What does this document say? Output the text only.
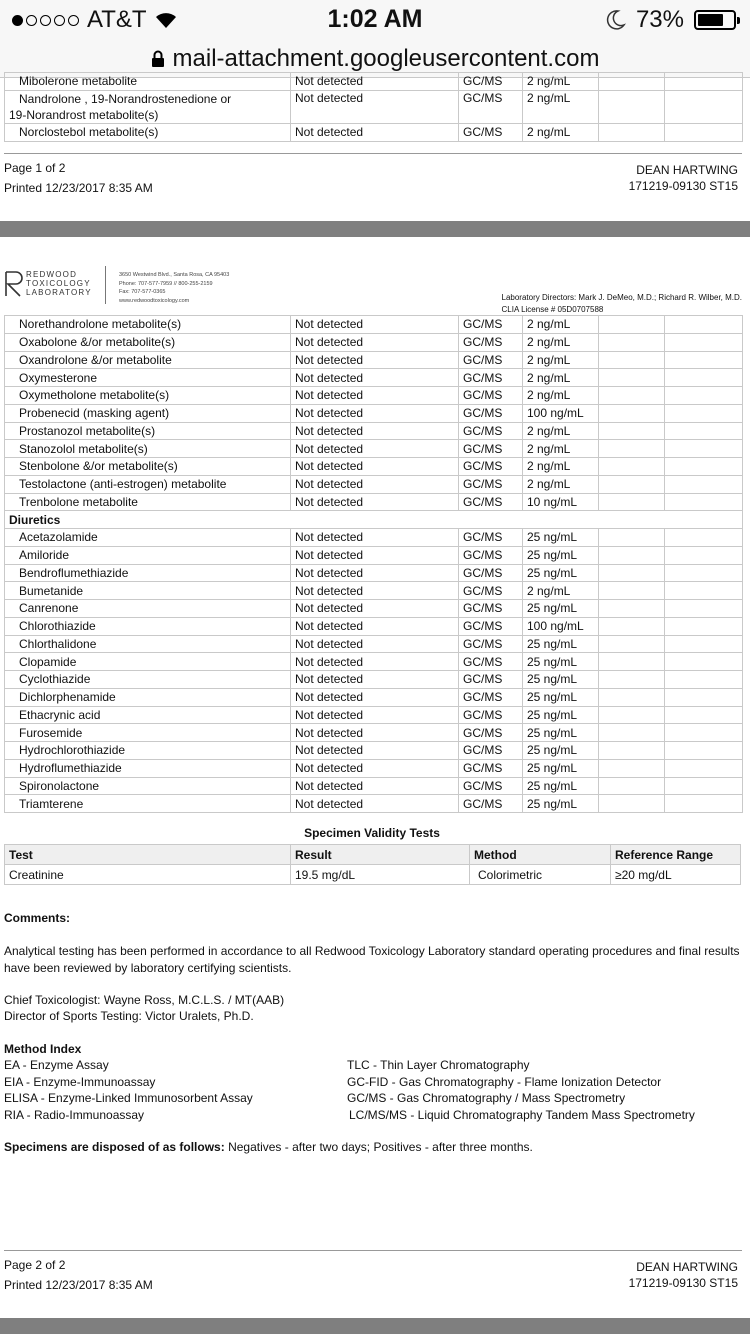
AT&T	1:02 AM	73%
mail-attachment.googleusercontent.com
Mibolerone metabolite	Not detected	GC/MS	2 ng/mL		
Nandrolone , 19-Norandrostenedione or
19-Norandrost metabolite(s)	Not detected	GC/MS	2 ng/mL		
Norclostebol metabolite(s)	Not detected	GC/MS	2 ng/mL		
Page 1 of 2
Printed 12/23/2017 8:35 AM
DEAN HARTWING
171219-09130 ST15
REDWOOD
TOXICOLOGY
LABORATORY
3650 Westwind Blvd., Santa Rosa, CA 95403
Phone: 707-577-7959 // 800-255-2159
Fax: 707-577-0365
www.redwoodtoxicology.com	Laboratory Directors: Mark J. DeMeo, M.D.; Richard R. Wilber, M.D.
CLIA License # 05D0707588
Norethandrolone metabolite(s)	Not detected	GC/MS	2 ng/mL		
Oxabolone &/or metabolite(s)	Not detected	GC/MS	2 ng/mL		
Oxandrolone &/or metabolite	Not detected	GC/MS	2 ng/mL		
Oxymesterone	Not detected	GC/MS	2 ng/mL		
Oxymetholone metabolite(s)	Not detected	GC/MS	2 ng/mL		
Probenecid (masking agent)	Not detected	GC/MS	100 ng/mL		
Prostanozol metabolite(s)	Not detected	GC/MS	2 ng/mL		
Stanozolol metabolite(s)	Not detected	GC/MS	2 ng/mL		
Stenbolone &/or metabolite(s)	Not detected	GC/MS	2 ng/mL		
Testolactone (anti-estrogen) metabolite	Not detected	GC/MS	2 ng/mL		
Trenbolone metabolite	Not detected	GC/MS	10 ng/mL		
Diuretics					
Acetazolamide	Not detected	GC/MS	25 ng/mL		
Amiloride	Not detected	GC/MS	25 ng/mL		
Bendroflumethiazide	Not detected	GC/MS	25 ng/mL		
Bumetanide	Not detected	GC/MS	2 ng/mL		
Canrenone	Not detected	GC/MS	25 ng/mL		
Chlorothiazide	Not detected	GC/MS	100 ng/mL		
Chlorthalidone	Not detected	GC/MS	25 ng/mL		
Clopamide	Not detected	GC/MS	25 ng/mL		
Cyclothiazide	Not detected	GC/MS	25 ng/mL		
Dichlorphenamide	Not detected	GC/MS	25 ng/mL		
Ethacrynic acid	Not detected	GC/MS	25 ng/mL		
Furosemide	Not detected	GC/MS	25 ng/mL		
Hydrochlorothiazide	Not detected	GC/MS	25 ng/mL		
Hydroflumethiazide	Not detected	GC/MS	25 ng/mL		
Spironolactone	Not detected	GC/MS	25 ng/mL		
Triamterene	Not detected	GC/MS	25 ng/mL		
Specimen Validity Tests
Test	Result	Method	Reference Range
Creatinine	19.5 mg/dL	Colorimetric	≥20 mg/dL
Comments:
Analytical testing has been performed in accordance to all Redwood Toxicology Laboratory standard operating procedures and final results have been reviewed by laboratory certifying scientists.
Chief Toxicologist: Wayne Ross, M.C.L.S. / MT(AAB)
Director of Sports Testing: Victor Uralets, Ph.D.
Method Index
EA - Enzyme Assay
EIA - Enzyme-Immunoassay
ELISA - Enzyme-Linked Immunosorbent Assay
RIA - Radio-Immunoassay
TLC - Thin Layer Chromatography
GC-FID - Gas Chromatography - Flame Ionization Detector
GC/MS - Gas Chromatography / Mass Spectrometry
LC/MS/MS - Liquid Chromatography Tandem Mass Spectrometry
Specimens are disposed of as follows: Negatives - after two days; Positives - after three months.
Page 2 of 2
Printed 12/23/2017 8:35 AM
DEAN HARTWING
171219-09130 ST15
